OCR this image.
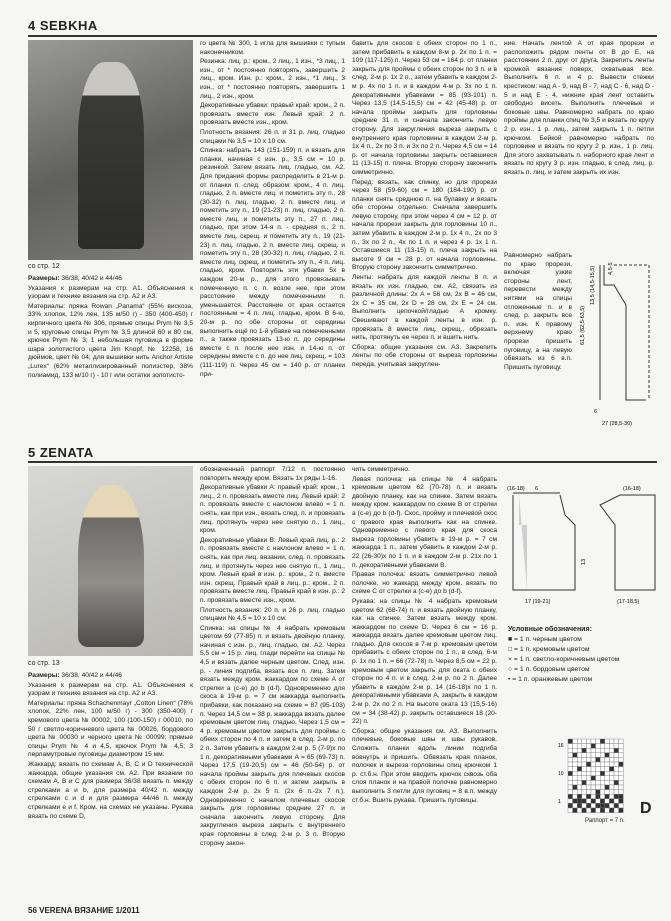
4 SEBKHA
со стр. 12

Размеры: 36/38, 40/42 и 44/46

Указания к размерам на стр. A1. Объяснения к узорам и технике вязания на стр. A2 и A3.

Материалы: пряжа Rowan „Panama“ (55% вискоза, 33% хлопок, 12% лен, 135 м/50 г) - 350 (400-450) г кирпичного цвета № 306, прямые спицы Prym № 3,5 и 5, круговые спицы Prym № 3,5 длиной 60 и 80 см, крючок Prym № 3; 1 небольшая пуговица в форме шара золотистого цвета Jim Knopf, № 12258, 16 дюймов, цвет № 04; для вышивки нить Anchor Artiste „Lurex“ (62% металлизированный полиэстер, 38% полиамид, 133 м/10 г) - 10 г или остатки золотисто-

го цвета № 300, 1 игла для вышивки с тупым наконечником.

Резинка: лиц. р.: кром., 2 лиц., 1 изн., *3 лиц., 1 изн., от * постоянно повторять, завершить 2 лиц., кром. Изн. р.: кром., 2 изн., *1 лиц., 3 изн., от * постоянно повторять, завершить 1 лиц., 2 изн., кром.

Декоративные убавки: правый край: кром., 2 п. провязать вместе изн. Левый край: 2 п. провязать вместе изн., кром.

Плотность вязания: 26 п. и 31 р. лиц. гладью спицами № 3,5 = 10 х 10 см.

Спинка: набрать 143 (151-159) п. и вязать для планки, начиная с изн. р., 3,5 см = 10 р. резинкой. Затем вязать лиц. гладью, см. A2. Для придания формы распределить в 21-м р. от планки п. след. образом: кром., 4 п. лиц. гладью, 2 п. вместе лиц. и пометить эту п., 28 (30-32) п. лиц. гладью, 2 п. вместе лиц. и пометить эту п., 19 (21-23) п. лиц. гладью, 2 п. вместе лиц. и пометить эту п., 27 п. лиц. гладью, при этом 14-я п. - средняя п., 2 п. вместе лиц. скрещ. и пометить эту п., 19 (21-23) п. лиц. гладью, 2 п. вместе лиц. скрещ. и пометить эту п., 28 (30-32) п. лиц. гладью, 2 п. вместе лиц. скрещ. и пометить эту п., 4 п. лиц. гладью, кром. Повторить эти убавки 5х в каждом 20-м р., для этого провязывать помеченную п. с п. возле нее, при этом расстояние между помеченными п. уменьшается. Расстояние от края остается постоянным = 4 п. лиц. гладью, кром. В 6-ю, 20-м р. по обе стороны от середины выполнить ещё по 1-й убавке на помеченными п., а также провязать 13-ю п. до середины вместе с п. после нее изн. и 14-ю п. от середины вместе с п. до нее лиц. скрещ. = 103 (111-119) п. Через 45 см = 140 р. от планки при-

бавить для скосов с обеих сторон по 1 п., затем прибавить в каждом 8-м р. 2х по 1 п. = 109 (117-125) п. Через 53 см = 164 р. от планки закрыть для проймы с обеих сторон по 3 п. и в след. 2-м р. 1х 2 п., затем убавить в каждом 2-м р. 4х по 1 п. и в каждом 4-м р. 3х по 1 п. декоративными убавками = 85 (93-101) п. Через 13,5 (14,5-15,5) см = 42 (45-48) р. от начала проймы закрыть для горловины средние 31 п. и сначала закончить левую сторону. Для закругления выреза закрыть с внутреннего края горловины в каждом 2-м р. 1х 4 п., 2х по 3 п. и 3х по 2 п. Через 4,5 см = 14 р. от начала горловины закрыть оставшиеся 11 (13-15) п. плеча. Вторую сторону закончить симметрично.

Перед: вязать, как спинку, но для прорези через 58 (59-60) см = 180 (184-190) р. от планки снять среднюю п. на булавку и вязать обе стороны отдельно. Сначала завершить левую сторону, при этом через 4 см = 12 р. от начала прорези закрыть для горловины 10 п., затем убавить в каждом 2-м р. 1х 4 п., 2х по 3 п., 3х по 2 п., 4х по 1 п. и через 4 р. 1х 1 п. Оставшиеся 11 (13-15) п. плеча закрыть на высоте 9 см = 28 р. от начала горловины. Вторую сторону закончить симметрично.

Ленты: набрать для каждой ленты 8 п. и вязать их изн. гладью, см. A2, связать из различной длины: 2х A = 56 см, 2х B = 46 см, 2х C = 35 см, 2х D = 28 см, 2х E = 24 см. Выполнить цепочкой/гладью А кромку. Свешивают в каждой ленты в изн. р. провязать 8 вместе лиц. скрещ., обрезать нить, протянуть ее через п. и вшить нить.

Сборка: общие указания см. A3. Закрепить ленты по обе стороны от выреза горловины переда, учитывая закруглен-

ние. Начать лентой A от края прорези и расположить рядом ленты от B до E, на расстоянии 2 п. друг от друга. Закрепить ленты кромкой вязания поверх, охватывая все. Выполнить 6 п. и 4 р. Вывести стежки крестиком: над A - 9, над B - 7, над C - 6, над D - 5 и над E - 4, нижние края лент оставить свободно висеть. Выполнить плечевые и боковые швы. Равномерно набрать по краю проймы для планки спиц № 3,5 и вязать по кругу 2 р. изн., 1 р. лиц., затем закрыть 1 п. петли крючком. Бейкой равномерно набрать по горловине и вязать по кругу 2 р. изн., 1 р. лиц. Для этого захватывать п. наборного края лент и вязать по кругу 3 р. изн. гладью, в след. лиц. р. вязать п. лиц. и затем закрыть их изн.

Равномерно набрать по краю прорези, включая узкие стороны лент, перевести между нитями на спицы отложенные п. и в след. р. закрыть все п. изн. К правому верхнему краю прорези пришить пуговицу, а на левую обвязать из 6 в.п. Пришить пуговицу.

61,5 (62,5-63,5)
13,5 (14,5-15,5) 4,5-5
6
27 (28,5-30)
5 ZENATA
со стр. 13

Размеры: 36/38, 40/42 и 44/46

Указания к размерам на стр. A1. Объяснения к узорам и технике вязания на стр. A2 и A3.

Материалы: пряжа Schachenmayr „Cotton Linen“ (78% хлопок, 22% лен, 100 м/50 г) - 300 (350-400) г кремового цвета № 00002, 100 (100-150) г 00010, по 50 г светло-коричневого цвета № 00026, бордового цвета № 00030 и черного цвета № 00099; прямые спицы Prym № 4 и 4,5, крючок Prym № 4,5; 3 перламутровые пуговицы диаметром 15 мм.

Жаккард: вязать по схемам A, B, C и D технической жаккарда, общие указания см. A2. При вязании по схемам A, B и C для размера 36/38 вязать п. между стрелками a и b, для размера 40/42 п. между стрелками c и d и для размера 44/46 п. между стрелками e и f. Кром. на схемах не указаны. Рукава вязать по схеме D,

обозначенный раппорт 7/12 п. постоянно повторить между кром. Вязать 1х ряды 1-16.

Декоративные убавки A: правый край: кром., 1 лиц., 2 п. провязать вместе лиц. Левый край: 2 п. провязать вместе с наклоном влево = 1 п. снять, как при изн., вязать след. п. и провязать лиц. протянуть через нее снятую п., 1 лиц., кром.

Декоративные убавки B: Левый край лиц. р.: 2 п. провязать вместе с наклоном влево = 1 п. снять, как при лиц. вязании, след. п. провязать лиц. и протянуть через нее снятую п., 1 лиц., кром. Левый край в изн. р.: кром., 2 п. вместе изн. скрещ. Правый край в лиц. р.: кром., 2 п. провязать вместе лиц. Правый край в изн. р.: 2 п. провязать вместе изн., кром.

Плотность вязания: 20 п. и 26 р. лиц. гладью спицами № 4,5 = 10 х 10 см.

Спинка: на спицы № 4 набрать кремовым цветом 69 (77-85) п. и вязать двойную планку, начиная с изн. р., лиц. гладью, см. A2. Через 5,5 см = 15 р. лиц. глади перейти на спицы № 4,5 и вязать далее черным цветом. След. изн. р. - линия подгиба, вязать все п. лиц. Затем вязать между кром. жаккардом по схеме A от стрелки a (c-e) до b (d-f). Одновременно для скоса в 19-м р. = 7 см жаккарда выполнить прибавки, как показано на схеме = 87 (95-103) п. Через 14,5 см = 38 р. жаккарда вязать далее кремовым цветом лиц. гладью. Через 1,5 см = 4 р. кремовым цветом закрыть для проймы с обеих сторон по 4 п. и затем в след. 2-м р. по 2 п. Затем убавить в каждом 2-м р. 5 (7-9)х по 1 п. декоративными убавками А = 65 (69-73) п. Через 17,5 (19-20,5) см = 46 (50-54) р. от начала проймы закрыть для плечевых скосов с обеих сторон по 6 п. и затем закрыть в каждом 2-м р. 2х 5 п. (2х 6 п.-2х 7 п.). Одновременно с началом плечевых скосов закрыть для горловины средние 27 п. и сначала закончить левую сторону. Для закругления выреза закрыть с внутреннего края горловины в след. 2-м р. 3 п. Вторую сторону закон-

чить симметрично.

Левая полочка: на спицы № 4 набрать кремовым цветом 62 (70-78) п. и вязать двойную планку, как на спинке. Затем вязать между кром. жаккардом по схеме B от стрелки a (c-e) до b (d-f). Скос, пройму и плечевой скос с правого края выполнить как на спинке. Одновременно с левого края для скоса выреза горловины убавить в 19-м р. = 7 см жаккарда 1 п., затем убавить в каждом 2-м р. 22 (26-30)х по 1 п. и в каждом 2-м р. 21х по 1 п. декоративными убавками B.

Правая полочка: вязать симметрично левой полочке, но жаккард между кром. вязать по схеме C от стрелки a (c-e) до b (d-f).

Рукава: на спицы № 4 набрать кремовым цветом 62 (68-74) п. и вязать двойную планку, как на спинке. Затем вязать между кром. жаккардом по схеме D. Через 6 см = 16 р. жаккарда вязать далее кремовым цветом лиц. гладью. Для скосов в 7-м р. кремовым цветом прибавить с обеих сторон по 1 п., в след. 6-м р. 1х по 1 п. = 66 (72-78) п. Через 8,5 см = 22 р. кремовым цветом закрыть для оката с обеих сторон по 4 п. и в след. 2-м р. по 2 п. Далее убавить в каждом 2-м р. 14 (16-18)х по 1 п. декоративными убавками А, закрыть в каждом 2-м р. 2х по 2 п. На высоте оката 13 (15,5-16) см = 34 (38-42) р. закрыть оставшиеся 18 (20-22) п.

Сборка: общие указания см. A3. Выполнить плечевые, боковые швы и швы рукавов. Сложить планки вдоль линии подгиба вовнутрь и пришить. Обвязать края планок, полочек и выреза горловины спиц крючком 1 р. ст.б.н. При этом вводить крючок сквозь оба слоя планок и на правой полочке равномерно выполнить 3 петли для пуговиц = 8 в.п. между ст.б.н. Вшить рукава. Пришить пуговицы.

(16-18) 6	(16-18)
17 (19-21)	(17-18,5)
13
Условные обозначения:
■ = 1 п. черным цветом
□ = 1 п. кремовым цветом
× = 1 п. светло-коричневым цветом
○ = 1 п. бордовым цветом
• = 1 п. оранжевым цветом
16
10
1
Раппорт = 7 п.
D
56 VERENA ВЯЗАНИЕ 1/2011
